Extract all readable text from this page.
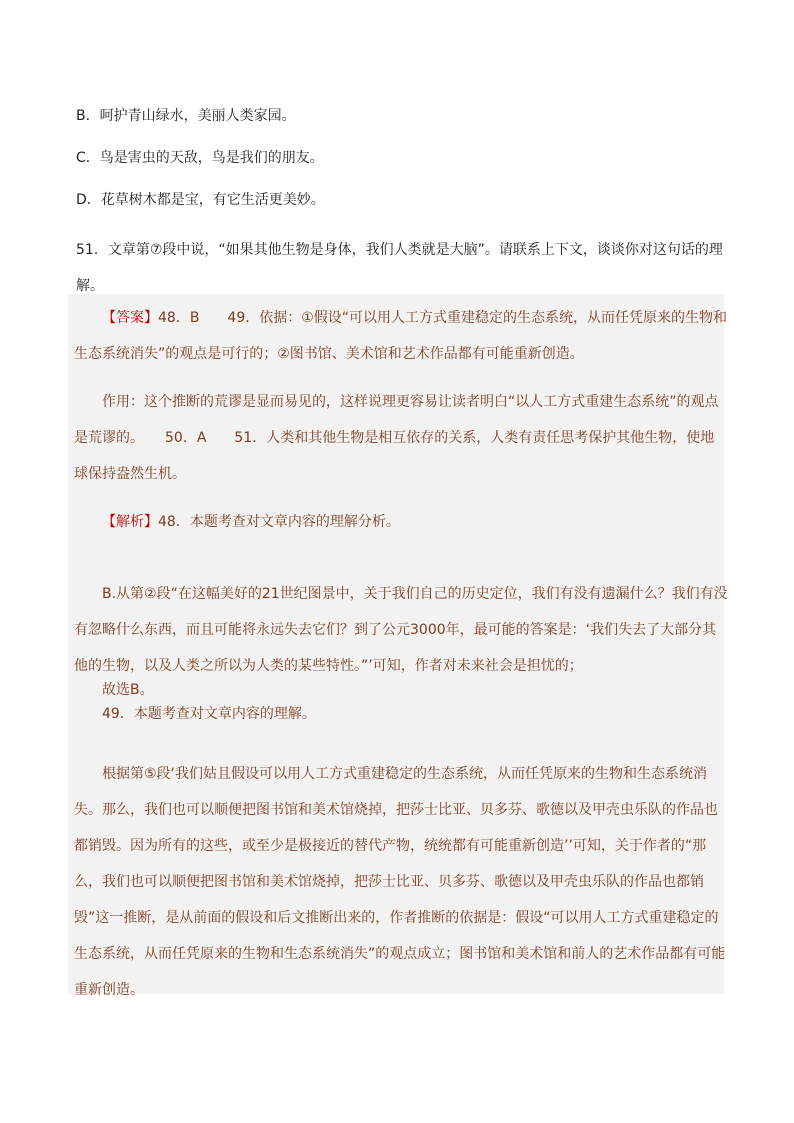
B．呵护青山绿水，美丽人类家园。

C．鸟是害虫的天敌，鸟是我们的朋友。

D．花草树木都是宝，有它生活更美妙。

51．文章第⑦段中说，“如果其他生物是身体，我们人类就是大脑”。请联系上下文，谈谈你对这句话的理解。

【答案】48．B　　49．依据：①假设“可以用人工方式重建稳定的生态系统，从而任凭原来的生物和生态系统消失”的观点是可行的；②图书馆、美术馆和艺术作品都有可能重新创造。

作用：这个推断的荒谬是显而易见的，这样说理更容易让读者明白“以人工方式重建生态系统”的观点是荒谬的。　　50．A　　51．人类和其他生物是相互依存的关系，人类有责任思考保护其他生物，使地球保持盎然生机。

【解析】48．本题考查对文章内容的理解分析。

B.从第②段“在这幅美好的21世纪图景中，关于我们自己的历史定位，我们有没有遗漏什么？我们有没有忽略什么东西，而且可能将永远失去它们？到了公元3000年，最可能的答案是：‘我们失去了大部分其他的生物，以及人类之所以为人类的某些特性。”’可知，作者对未来社会是担忧的；

故选B。

49．本题考查对文章内容的理解。

根据第⑤段‘我们姑且假设可以用人工方式重建稳定的生态系统，从而任凭原来的生物和生态系统消失。那么，我们也可以顺便把图书馆和美术馆烧掉，把莎士比亚、贝多芬、歌德以及甲壳虫乐队的作品也都销毁。因为所有的这些，或至少是极接近的替代产物，统统都有可能重新创造’’可知，关于作者的“那么，我们也可以顺便把图书馆和美术馆烧掉，把莎士比亚、贝多芬、歌德以及甲壳虫乐队的作品也都销毁”这一推断，是从前面的假设和后文推断出来的，作者推断的依据是：假设“可以用人工方式重建稳定的生态系统，从而任凭原来的生物和生态系统消失”的观点成立；图书馆和美术馆和前人的艺术作品都有可能重新创造。
